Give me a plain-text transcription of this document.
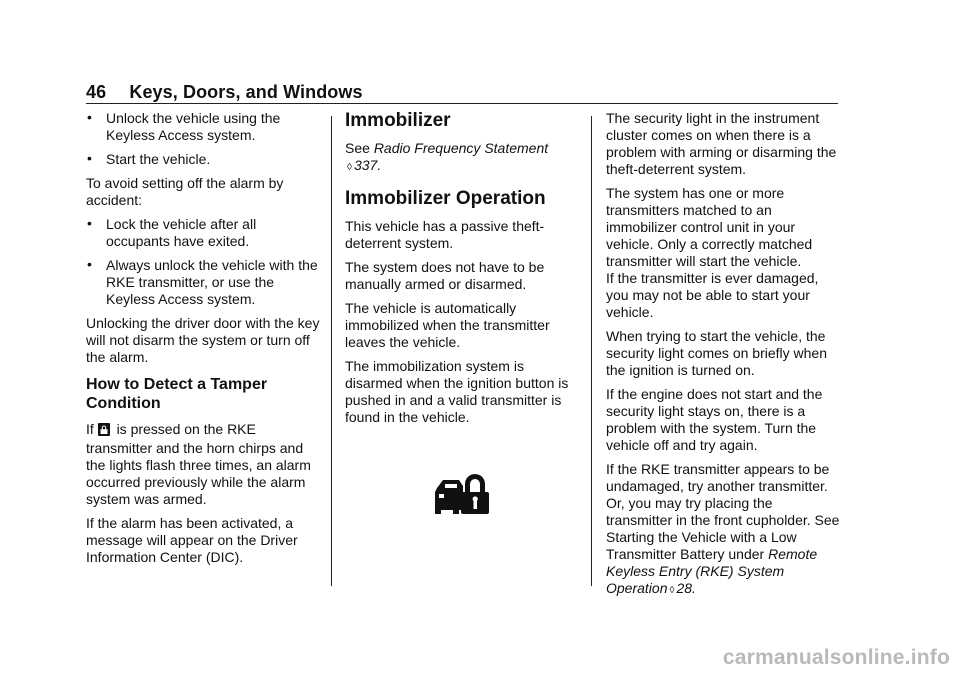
46 Keys, Doors, and Windows
• Unlock the vehicle using the Keyless Access system.
• Start the vehicle.

To avoid setting off the alarm by accident:

• Lock the vehicle after all occupants have exited.
• Always unlock the vehicle with the RKE transmitter, or use the Keyless Access system.

Unlocking the driver door with the key will not disarm the system or turn off the alarm.

How to Detect a Tamper Condition

If is pressed on the RKE transmitter and the horn chirps and the lights flash three times, an alarm occurred previously while the alarm system was armed.

If the alarm has been activated, a message will appear on the Driver Information Center (DIC).

Immobilizer

See Radio Frequency Statement
◊ 337.

Immobilizer Operation

This vehicle has a passive theft-deterrent system.

The system does not have to be manually armed or disarmed.

The vehicle is automatically immobilized when the transmitter leaves the vehicle.

The immobilization system is disarmed when the ignition button is pushed in and a valid transmitter is found in the vehicle.

The security light in the instrument cluster comes on when there is a problem with arming or disarming the theft-deterrent system.

The system has one or more transmitters matched to an immobilizer control unit in your vehicle. Only a correctly matched transmitter will start the vehicle.
If the transmitter is ever damaged, you may not be able to start your vehicle.

When trying to start the vehicle, the security light comes on briefly when the ignition is turned on.

If the engine does not start and the security light stays on, there is a problem with the system. Turn the vehicle off and try again.

If the RKE transmitter appears to be undamaged, try another transmitter. Or, you may try placing the transmitter in the front cupholder. See Starting the Vehicle with a Low Transmitter Battery under Remote Keyless Entry (RKE) System Operation ◊ 28.

carmanualsonline.info
